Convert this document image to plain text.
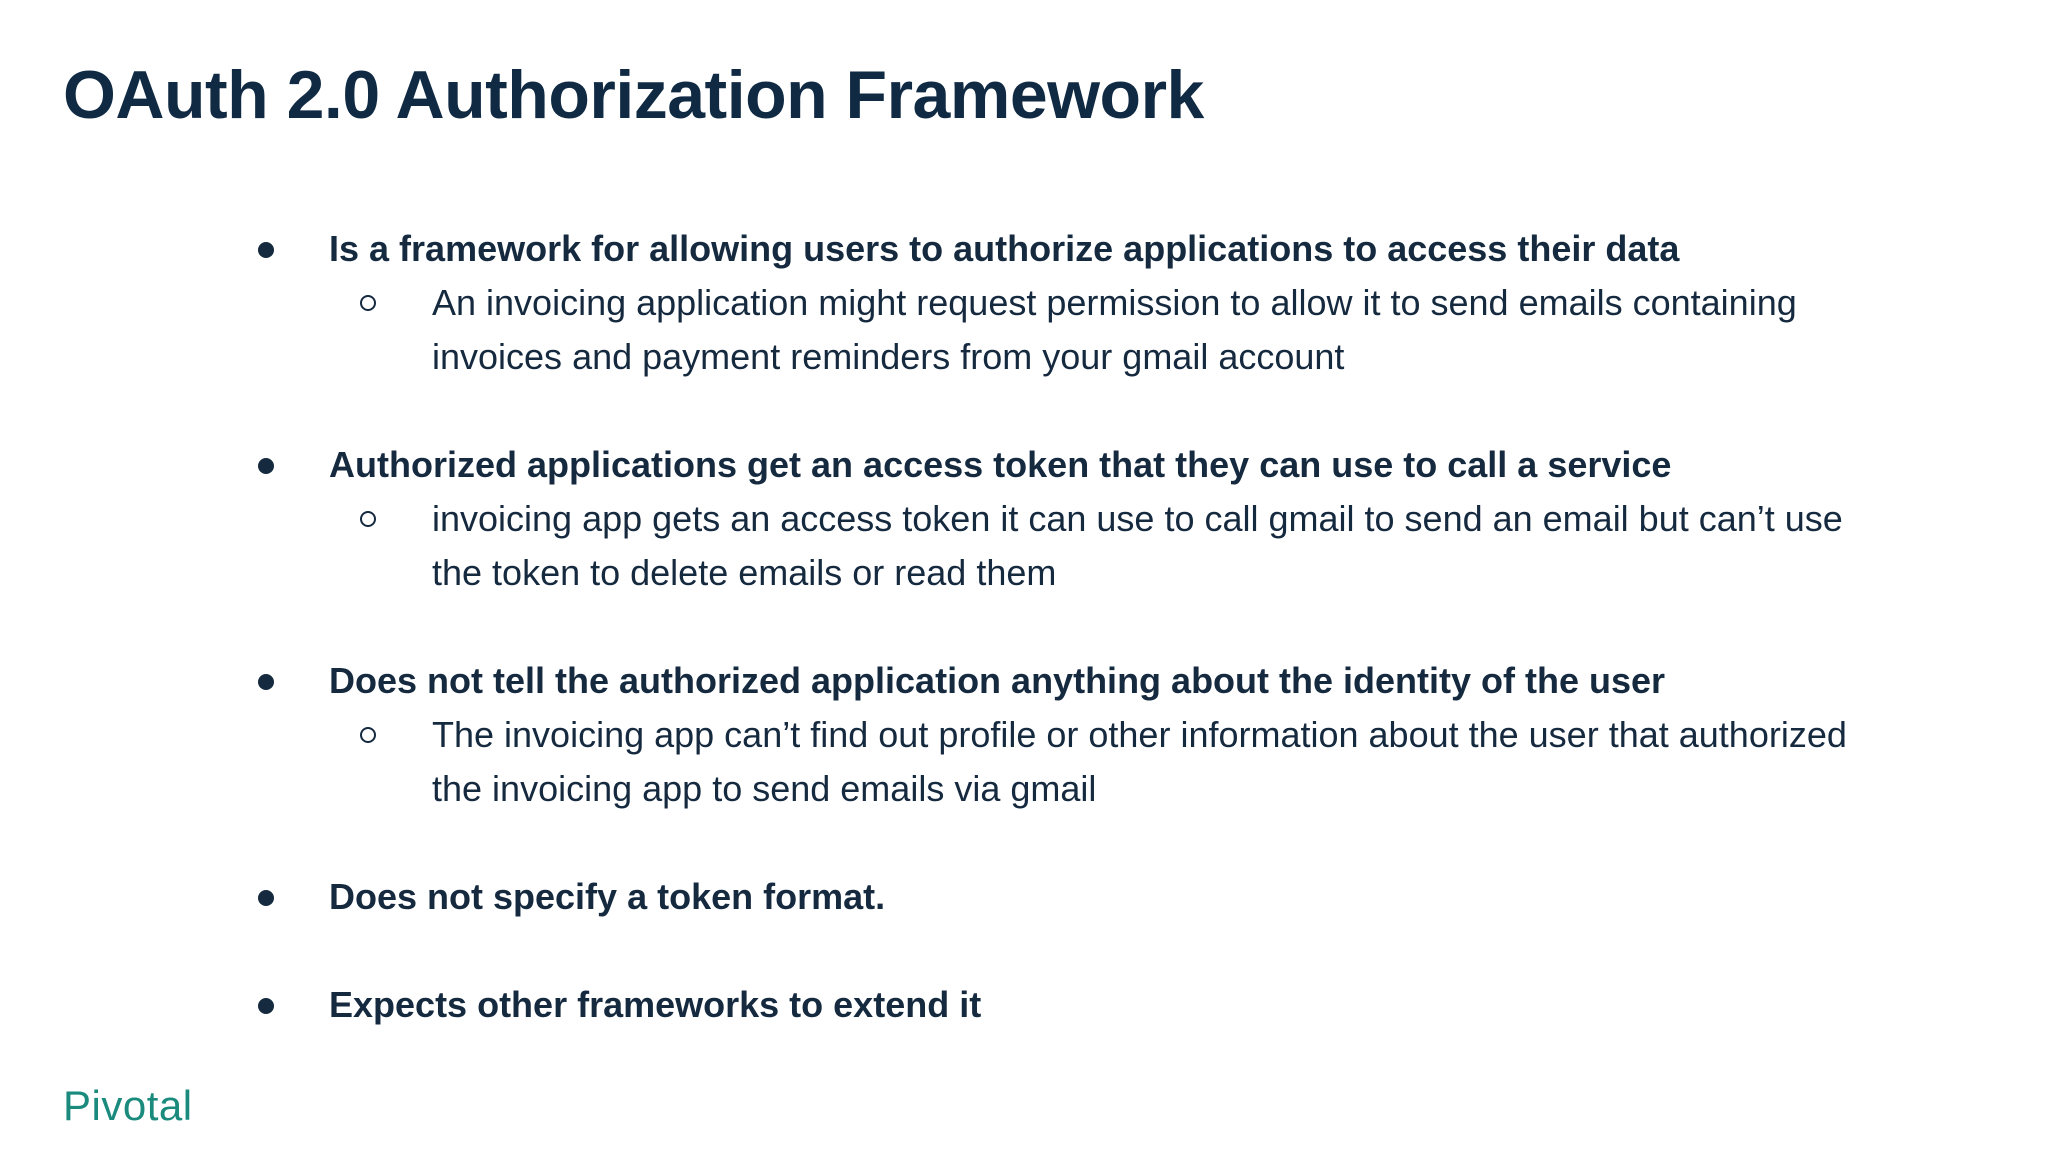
OAuth 2.0 Authorization Framework
Is a framework for allowing users to authorize applications to access their data
An invoicing application might request permission to allow it to send emails containing invoices and payment reminders from your gmail account
Authorized applications get an access token that they can use to call a service
invoicing app gets an access token it can use to call gmail to send an email but can’t use the token to delete emails or read them
Does not tell the authorized application anything about the identity of the user
The invoicing app can’t find out profile or other information about the user that authorized the invoicing app to send emails via gmail
Does not specify a token format.
Expects other frameworks to extend it
Pivotal
